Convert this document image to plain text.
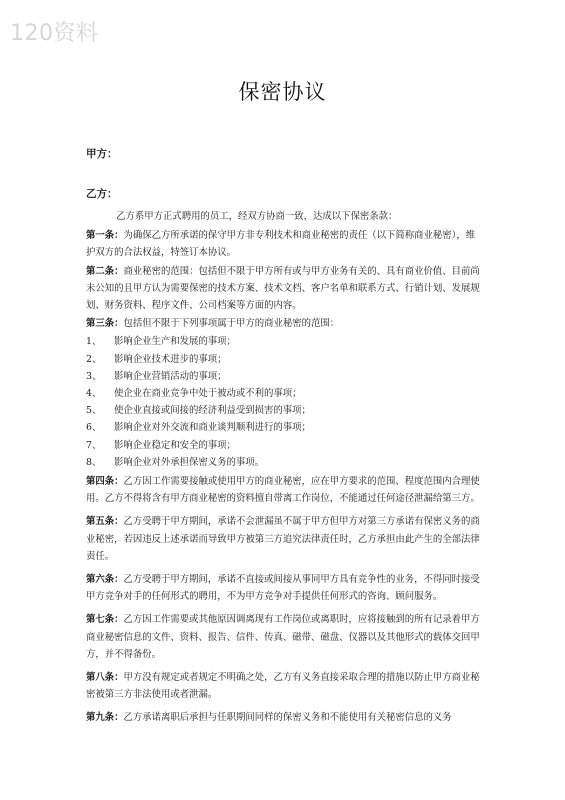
120资料
保密协议
甲方：
乙方：

乙方系甲方正式聘用的员工，经双方协商一致，达成以下保密条款：

第一条：为确保乙方所承诺的保守甲方非专利技术和商业秘密的责任（以下简称商业秘密），维护双方的合法权益，特签订本协议。

第二条：商业秘密的范围：包括但不限于甲方所有或与甲方业务有关的、具有商业价值、目前尚未公知的且甲方认为需要保密的技术方案、技术文档、客户名单和联系方式、行销计划、发展规划、财务资料、程序文件、公司档案等方面的内容。

第三条：包括但不限于下列事项属于甲方的商业秘密的范围：

1、	影响企业生产和发展的事项；
2、	影响企业技术进步的事项；
3、	影响企业营销活动的事项；
4、	使企业在商业竞争中处于被动或不利的事项；
5、	使企业直接或间接的经济利益受到损害的事项；
6、	影响企业对外交流和商业谈判顺利进行的事项；
7、	影响企业稳定和安全的事项；
8、	影响企业对外承担保密义务的事项。

第四条：乙方因工作需要接触或使用甲方的商业秘密，应在甲方要求的范围、程度范围内合理使用。乙方不得将含有甲方商业秘密的资料擅自带离工作岗位，不能通过任何途径泄漏给第三方。

第五条：乙方受聘于甲方期间，承诺不会泄漏虽不属于甲方但甲方对第三方承诺有保密义务的商业秘密，若因违反上述承诺而导致甲方被第三方追究法律责任时，乙方承担由此产生的全部法律责任。

第六条：乙方受聘于甲方期间，承诺不直接或间接从事同甲方具有竞争性的业务，不得同时接受甲方竞争对手的任何形式的聘用，不为甲方竞争对手提供任何形式的咨询、顾问服务。

第七条：乙方因工作需要或其他原因调离现有工作岗位或离职时，应将接触到的所有记录着甲方商业秘密信息的文件、资料、报告、信件、传真、磁带、磁盘、仪器以及其他形式的载体交回甲方，并不得备份。

第八条：甲方没有规定或者规定不明确之处，乙方有义务直接采取合理的措施以防止甲方商业秘密被第三方非法使用或者泄漏。

第九条：乙方承诺离职后承担与任职期间同样的保密义务和不能使用有关秘密信息的义务
